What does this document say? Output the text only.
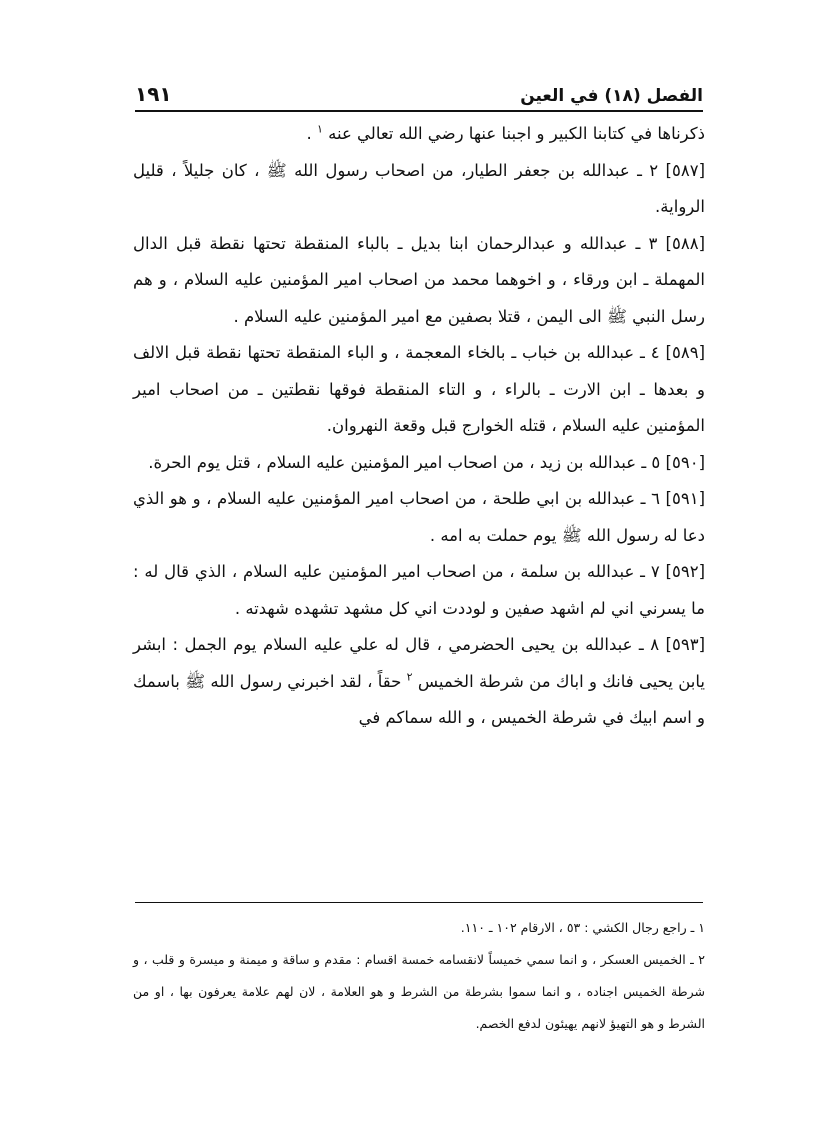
الفصل (١٨) في العين
١٩١

ذكرناها في كتابنا الكبير و اجبنا عنها رضي الله تعالي عنه $^١$ .

[٥٨٧] ٢ ـ عبدالله بن جعفر الطيار، من اصحاب رسول الله ﷺ ، كان جليلاً ، قليل الرواية.

[٥٨٨] ٣ ـ عبدالله و عبدالرحمان ابنا بديل ـ بالباء المنقطة تحتها نقطة قبل الدال المهملة ـ ابن ورقاء ، و اخوهما محمد من اصحاب امير المؤمنين عليه السلام ، و هم رسل النبي ﷺ الى اليمن ، قتلا بصفين مع امير المؤمنين عليه السلام .

[٥٨٩] ٤ ـ عبدالله بن خباب ـ بالخاء المعجمة ، و الباء المنقطة تحتها نقطة قبل الالف و بعدها ـ ابن الارت ـ بالراء ، و التاء المنقطة فوقها نقطتين ـ من اصحاب امير المؤمنين عليه السلام ، قتله الخوارج قبل وقعة النهروان.

[٥٩٠] ٥ ـ عبدالله بن زيد ، من اصحاب امير المؤمنين عليه السلام ، قتل يوم الحرة.

[٥٩١] ٦ ـ عبدالله بن ابي طلحة ، من اصحاب امير المؤمنين عليه السلام ، و هو الذي دعا له رسول الله ﷺ يوم حملت به امه .

[٥٩٢] ٧ ـ عبدالله بن سلمة ، من اصحاب امير المؤمنين عليه السلام ، الذي قال له : ما يسرني اني لم اشهد صفين و لوددت اني كل مشهد تشهده شهدته .

[٥٩٣] ٨ ـ عبدالله بن يحيى الحضرمي ، قال له علي عليه السلام يوم الجمل : ابشر يابن يحيى فانك و اباك من شرطة الخميس $^٢$ حقاً ، لقد اخبرني رسول الله ﷺ باسمك و اسم ابيك في شرطة الخميس ، و الله سماكم في

١ ـ راجع رجال الكشي : ٥٣ ، الارقام ١٠٢ ـ ١١٠.

٢ ـ الخميس العسكر ، و انما سمي خميساً لانقسامه خمسة اقسام : مقدم و ساقة و ميمنة و ميسرة و قلب ، و شرطة الخميس اجناده ، و انما سموا بشرطة من الشرط و هو العلامة ، لان لهم علامة يعرفون بها ، او من الشرط و هو التهيؤ لانهم يهيئون لدفع الخصم.
